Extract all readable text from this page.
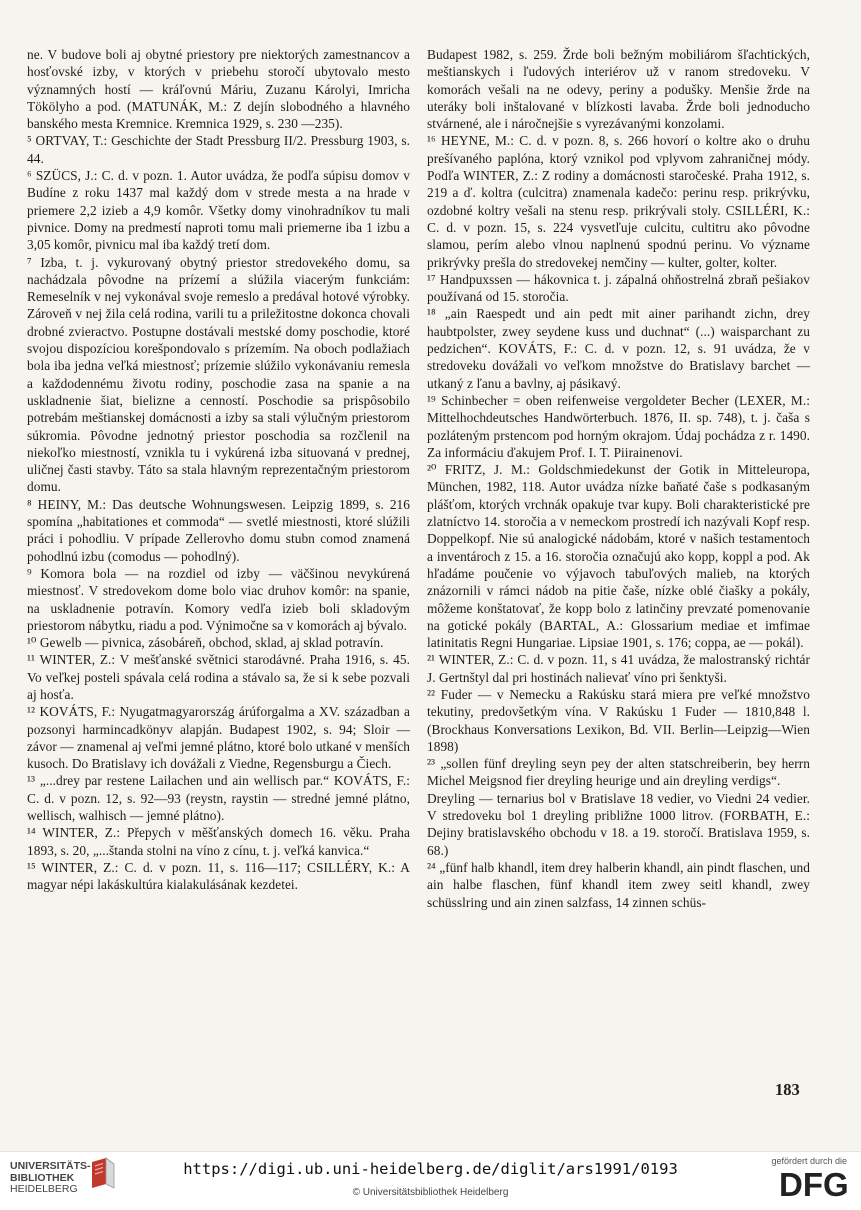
ne. V budove boli aj obytné priestory pre niektorých zamestnancov a hosťovské izby, v ktorých v priebehu storočí ubytovalo mesto významných hostí — kráľovnú Máriu, Zuzanu Károlyi, Imricha Tökölyho a pod. (MATUNÁK, M.: Z dejín slobodného a hlavného banského mesta Kremnice. Kremnica 1929, s. 230 —235).

⁵ ORTVAY, T.: Geschichte der Stadt Pressburg II/2. Pressburg 1903, s. 44.

⁶ SZÜCS, J.: C. d. v pozn. 1. Autor uvádza, že podľa súpisu domov v Budíne z roku 1437 mal každý dom v strede mesta a na hrade v priemere 2,2 izieb a 4,9 komôr. Všetky domy vinohradníkov tu mali pivnice. Domy na predmestí naproti tomu mali priemerne iba 1 izbu a 3,05 komôr, pivnicu mal iba každý tretí dom.

⁷ Izba, t. j. vykurovaný obytný priestor stredovekého domu, sa nachádzala pôvodne na prízemí a slúžila viacerým funkciám: Remeselník v nej vykonával svoje remeslo a predával hotové výrobky. Zároveň v nej žila celá rodina, varili tu a priležitostne dokonca chovali drobné zvieractvo. Postupne dostávali mestské domy poschodie, ktoré svojou dispozíciou korešpondovalo s prízemím. Na oboch podlažiach bola iba jedna veľká miestnosť; prízemie slúžilo vykonávaniu remesla a každodennému životu rodiny, poschodie zasa na spanie a na uskladnenie šiat, bielizne a cenností. Poschodie sa prispôsobilo potrebám meštianskej domácnosti a izby sa stali výlučným priestorom súkromia. Pôvodne jednotný priestor poschodia sa rozčlenil na niekoľko miestností, vznikla tu i vykúrená izba situovaná v prednej, uličnej časti stavby. Táto sa stala hlavným reprezentačným priestorom domu.

⁸ HEINY, M.: Das deutsche Wohnungswesen. Leipzig 1899, s. 216 spomína „habitationes et commoda“ — svetlé miestnosti, ktoré slúžili práci i pohodliu. V prípade Zellerovho domu stubn comod znamená pohodlnú izbu (comodus — pohodlný).

⁹ Komora bola — na rozdiel od izby — väčšinou nevykúrená miestnosť. V stredovekom dome bolo viac druhov komôr: na spanie, na uskladnenie potravín. Komory vedľa izieb boli skladovým priestorom nábytku, riadu a pod. Výnimočne sa v komorách aj bývalo.

¹⁰ Gewelb — pivnica, zásobáreň, obchod, sklad, aj sklad potravín.

¹¹ WINTER, Z.: V mešťanské světnici starodávné. Praha 1916, s. 45. Vo veľkej posteli spávala celá rodina a stávalo sa, že si k sebe pozvali aj hosťa.

¹² KOVÁTS, F.: Nyugatmagyarország árúforgalma a XV. században a pozsonyi harmincadkönyv alapján. Budapest 1902, s. 94; Sloir — závor — znamenal aj veľmi jemné plátno, ktoré bolo utkané v menších kusoch. Do Bratislavy ich dovážali z Viedne, Regensburgu a Čiech.

¹³ „...drey par restene Lailachen und ain wellisch par.“ KOVÁTS, F.: C. d. v pozn. 12, s. 92—93 (reystn, raystin — stredné jemné plátno, wellisch, walhisch — jemné plátno).

¹⁴ WINTER, Z.: Přepych v měšťanských domech 16. věku. Praha 1893, s. 20, „...štanda stolni na víno z cínu, t. j. veľká kanvica.“

¹⁵ WINTER, Z.: C. d. v pozn. 11, s. 116—117; CSILLÉRY, K.: A magyar népi lakáskultúra kialakulásának kezdetei.

Budapest 1982, s. 259. Žrde boli bežným mobiliárom šľachtických, meštianskych i ľudových interiérov už v ranom stredoveku. V komorách vešali na ne odevy, periny a podušky. Menšie žrde na uteráky boli inštalované v blízkosti lavaba. Žrde boli jednoducho stvárnené, ale i náročnejšie s vyrezávanými konzolami.

¹⁶ HEYNE, M.: C. d. v pozn. 8, s. 266 hovorí o koltre ako o druhu prešívaného paplóna, ktorý vznikol pod vplyvom zahraničnej módy. Podľa WINTER, Z.: Z rodiny a domácnosti staročeské. Praha 1912, s. 219 a ď. koltra (culcitra) znamenala kadečo: perinu resp. prikrývku, ozdobné koltry vešali na stenu resp. prikrývali stoly. CSILLÉRI, K.: C. d. v pozn. 15, s. 224 vysvetľuje culcitu, cultitru ako pôvodne slamou, perím alebo vlnou naplnenú spodnú perinu. Vo význame prikrývky prešla do stredovekej nemčiny — kulter, golter, kolter.

¹⁷ Handpuxssen — hákovnica t. j. zápalná ohňostrelná zbraň pešiakov používaná od 15. storočia.

¹⁸ „ain Raespedt und ain pedt mit ainer parihandt zichn, drey haubtpolster, zwey seydene kuss und duchnat“ (...) waisparchant zu pedzichen“. KOVÁTS, F.: C. d. v pozn. 12, s. 91 uvádza, že v stredoveku dovážali vo veľkom množstve do Bratislavy barchet — utkaný z ľanu a bavlny, aj pásikavý.

¹⁹ Schinbecher = oben reifenweise vergoldeter Becher (LEXER, M.: Mittelhochdeutsches Handwörterbuch. 1876, II. sp. 748), t. j. čaša s pozláteným prstencom pod horným okrajom. Údaj pochádza z r. 1490. Za informáciu ďakujem Prof. I. T. Piirainenovi.

²⁰ FRITZ, J. M.: Goldschmiedekunst der Gotik in Mitteleuropa, München, 1982, 118. Autor uvádza nízke baňaté čaše s podkasaným plášťom, ktorých vrchnák opakuje tvar kupy. Boli charakteristické pre zlatníctvo 14. storočia a v nemeckom prostredí ich nazývali Kopf resp. Doppelkopf. Nie sú analogické nádobám, ktoré v našich testamentoch a inventároch z 15. a 16. storočia označujú ako kopp, koppl a pod. Ak hľadáme poučenie vo výjavoch tabuľových malieb, na ktorých znázornili v rámci nádob na pitie čaše, nízke oblé čiašky a pokály, môžeme konštatovať, že kopp bolo z latinčiny prevzaté pomenovanie na gotické pokály (BARTAL, A.: Glossarium mediae et imfimae latinitatis Regni Hungariae. Lipsiae 1901, s. 176; coppa, ae — pokál).

²¹ WINTER, Z.: C. d. v pozn. 11, s 41 uvádza, že malostranský richtár J. Gertnštyl dal pri hostinách nalievať víno pri šenktyši.

²² Fuder — v Nemecku a Rakúsku stará miera pre veľké množstvo tekutiny, predovšetkým vína. V Rakúsku 1 Fuder — 1810,848 l. (Brockhaus Konversations Lexikon, Bd. VII. Berlin—Leipzig—Wien 1898)

²³ „sollen fünf dreyling seyn pey der alten statschreiberin, bey herrn Michel Meigsnod fier dreyling heurige und ain dreyling verdigs“.

Dreyling — ternarius bol v Bratislave 18 vedier, vo Viedni 24 vedier. V stredoveku bol 1 dreyling približne 1000 litrov. (FORBATH, E.: Dejiny bratislavského obchodu v 18. a 19. storočí. Bratislava 1959, s. 68.)

²⁴ „fünf halb khandl, item drey halberin khandl, ain pindt flaschen, und ain halbe flaschen, fünf khandl item zwey seitl khandl, zwey schüsslring und ain zinen salzfass, 14 zinnen schüs-

183
UNIVERSITÄTS-
BIBLIOTHEK
HEIDELBERG
https://digi.ub.uni-heidelberg.de/diglit/ars1991/0193
© Universitätsbibliothek Heidelberg
gefördert durch die
DFG
